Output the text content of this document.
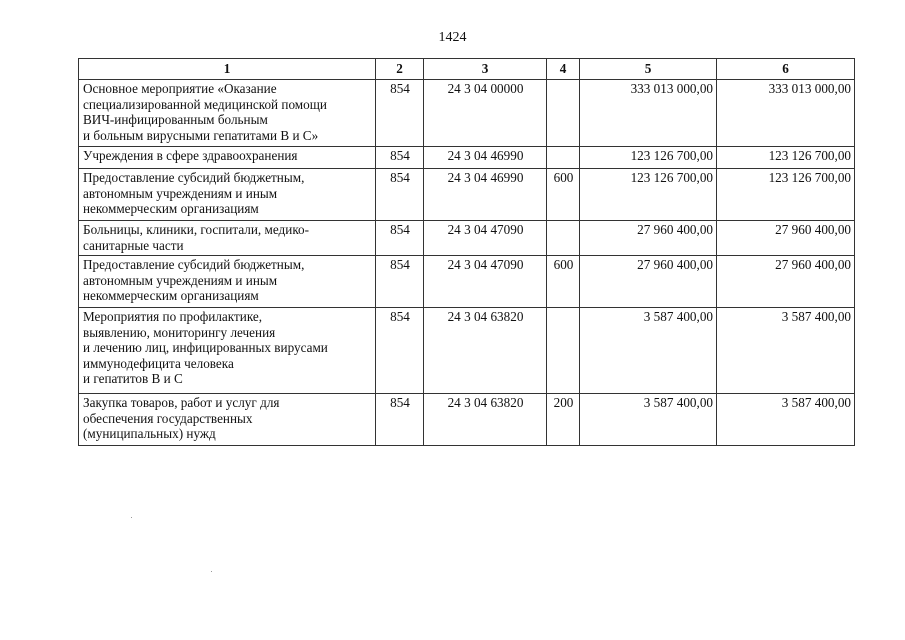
1424
1	2	3	4	5	6

Основное мероприятие «Оказание
специализированной медицинской помощи
ВИЧ-инфицированным больным
и больным вирусными гепатитами В и С»	854	24 3 04 00000		333 013 000,00	333 013 000,00

Учреждения в сфере здравоохранения	854	24 3 04 46990		123 126 700,00	123 126 700,00

Предоставление субсидий бюджетным,
автономным учреждениям и иным
некоммерческим организациям	854	24 3 04 46990	600	123 126 700,00	123 126 700,00

Больницы, клиники, госпитали, медико-
санитарные части	854	24 3 04 47090		27 960 400,00	27 960 400,00

Предоставление субсидий бюджетным,
автономным учреждениям и иным
некоммерческим организациям	854	24 3 04 47090	600	27 960 400,00	27 960 400,00

Мероприятия по профилактике,
выявлению, мониторингу лечения
и лечению лиц, инфицированных вирусами
иммунодефицита человека
и гепатитов В и С	854	24 3 04 63820		3 587 400,00	3 587 400,00

Закупка товаров, работ и услуг для
обеспечения государственных
(муниципальных) нужд	854	24 3 04 63820	200	3 587 400,00	3 587 400,00
